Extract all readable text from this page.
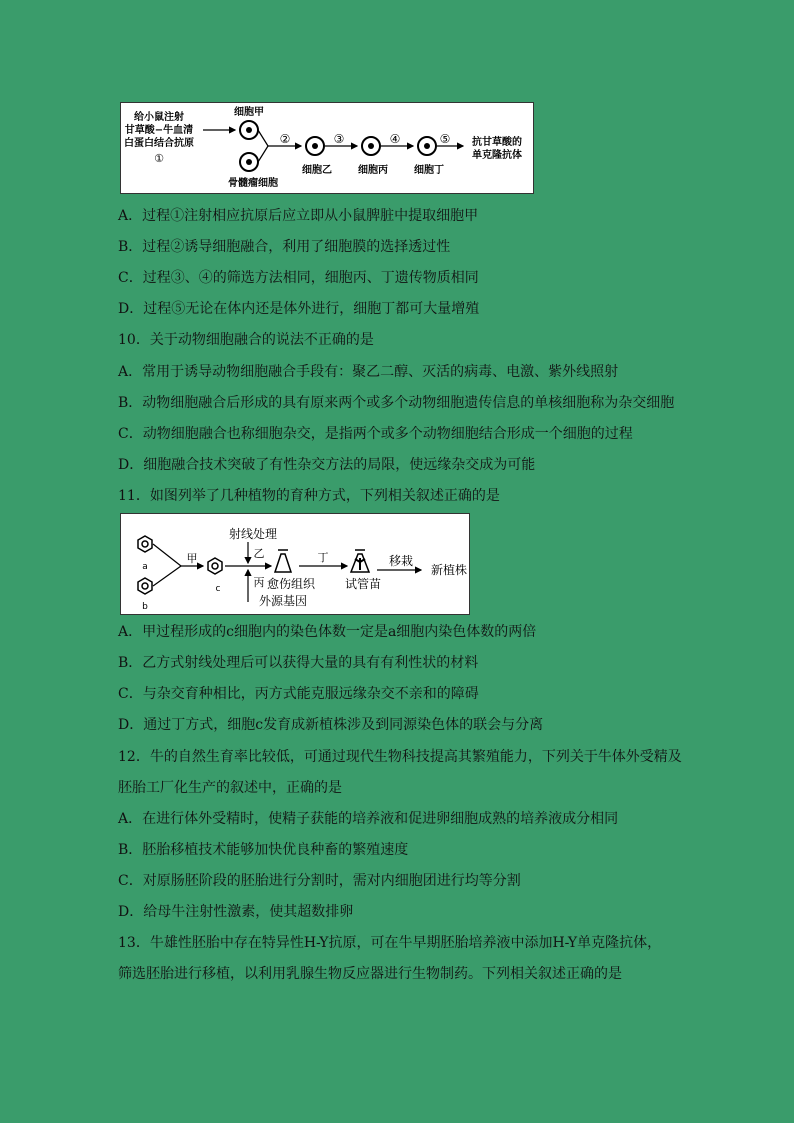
给小鼠注射
甘草酸−牛血清
白蛋白结合抗原
①
细胞甲
骨髓瘤细胞
②
细胞乙
③
细胞丙
④
细胞丁
⑤ 抗甘草酸的
单克隆抗体
A．过程①注射相应抗原后应立即从小鼠脾脏中提取细胞甲
B．过程②诱导细胞融合，利用了细胞膜的选择透过性
C．过程③、④的筛选方法相同，细胞丙、丁遗传物质相同
D．过程⑤无论在体内还是体外进行，细胞丁都可大量增殖
10．关于动物细胞融合的说法不正确的是
A．常用于诱导动物细胞融合手段有：聚乙二醇、灭活的病毒、电激、紫外线照射
B．动物细胞融合后形成的具有原来两个或多个动物细胞遗传信息的单核细胞称为杂交细胞
C．动物细胞融合也称细胞杂交，是指两个或多个动物细胞结合形成一个细胞的过程
D．细胞融合技术突破了有性杂交方法的局限，使远缘杂交成为可能
11．如图列举了几种植物的育种方式，下列相关叙述正确的是
a
b
甲
c
射线处理
乙
丙
外源基因
愈伤组织
丁
试管苗
移栽
新植株
A．甲过程形成的c细胞内的染色体数一定是a细胞内染色体数的两倍
B．乙方式射线处理后可以获得大量的具有有利性状的材料
C．与杂交育种相比，丙方式能克服远缘杂交不亲和的障碍
D．通过丁方式，细胞c发育成新植株涉及到同源染色体的联会与分离
12．牛的自然生育率比较低，可通过现代生物科技提高其繁殖能力，下列关于牛体外受精及
胚胎工厂化生产的叙述中，正确的是
A．在进行体外受精时，使精子获能的培养液和促进卵细胞成熟的培养液成分相同
B．胚胎移植技术能够加快优良种畜的繁殖速度
C．对原肠胚阶段的胚胎进行分割时，需对内细胞团进行均等分割
D．给母牛注射性激素，使其超数排卵
13．牛雄性胚胎中存在特异性H-Y抗原，可在牛早期胚胎培养液中添加H-Y单克隆抗体，
筛选胚胎进行移植，以利用乳腺生物反应器进行生物制药。下列相关叙述正确的是
